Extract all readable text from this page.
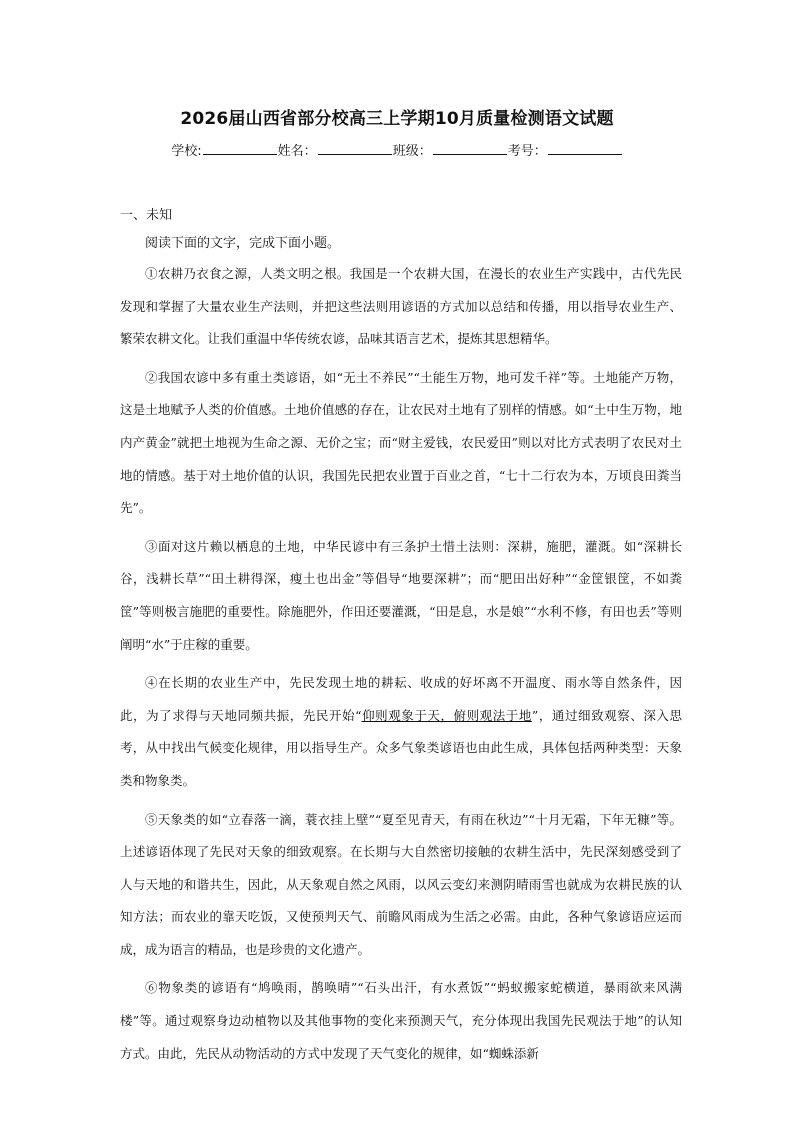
2026届山西省部分校高三上学期10月质量检测语文试题
学校:	姓名：	班级：	考号：
一、未知
阅读下面的文字，完成下面小题。

①农耕乃衣食之源，人类文明之根。我国是一个农耕大国，在漫长的农业生产实践中，古代先民发现和掌握了大量农业生产法则，并把这些法则用谚语的方式加以总结和传播，用以指导农业生产、繁荣农耕文化。让我们重温中华传统农谚，品味其语言艺术，提炼其思想精华。

②我国农谚中多有重土类谚语，如“无土不养民”“土能生万物，地可发千祥”等。土地能产万物，这是土地赋予人类的价值感。土地价值感的存在，让农民对土地有了别样的情感。如“土中生万物，地内产黄金”就把土地视为生命之源、无价之宝；而“财主爱钱，农民爱田”则以对比方式表明了农民对土地的情感。基于对土地价值的认识，我国先民把农业置于百业之首，“七十二行农为本，万顷良田粪当先”。

③面对这片赖以栖息的土地，中华民谚中有三条护土惜土法则：深耕，施肥，灌溉。如“深耕长谷，浅耕长草”“田土耕得深，瘦土也出金”等倡导“地要深耕”；而“肥田出好种”“金筐银筐，不如粪筐”等则极言施肥的重要性。除施肥外，作田还要灌溉，“田是息，水是娘”“水利不修，有田也丢”等则阐明“水”于庄稼的重要。

④在长期的农业生产中，先民发现土地的耕耘、收成的好坏离不开温度、雨水等自然条件，因此，为了求得与天地同频共振，先民开始“仰则观象于天，俯则观法于地”，通过细致观察、深入思考，从中找出气候变化规律，用以指导生产。众多气象类谚语也由此生成，具体包括两种类型：天象类和物象类。

⑤天象类的如“立春落一滴，蓑衣挂上壁”“夏至见青天，有雨在秋边”“十月无霜，下年无糠”等。上述谚语体现了先民对天象的细致观察。在长期与大自然密切接触的农耕生活中，先民深刻感受到了人与天地的和谐共生，因此，从天象观自然之风雨，以风云变幻来测阴晴雨雪也就成为农耕民族的认知方法；而农业的靠天吃饭，又使预判天气、前瞻风雨成为生活之必需。由此，各种气象谚语应运而成，成为语言的精品，也是珍贵的文化遗产。

⑥物象类的谚语有“鸠唤雨，鹊唤晴”“石头出汗，有水煮饭”“蚂蚁搬家蛇横道，暴雨欲来风满楼”等。通过观察身边动植物以及其他事物的变化来预测天气，充分体现出我国先民观法于地”的认知方式。由此，先民从动物活动的方式中发现了天气变化的规律，如“蜘蛛添新
